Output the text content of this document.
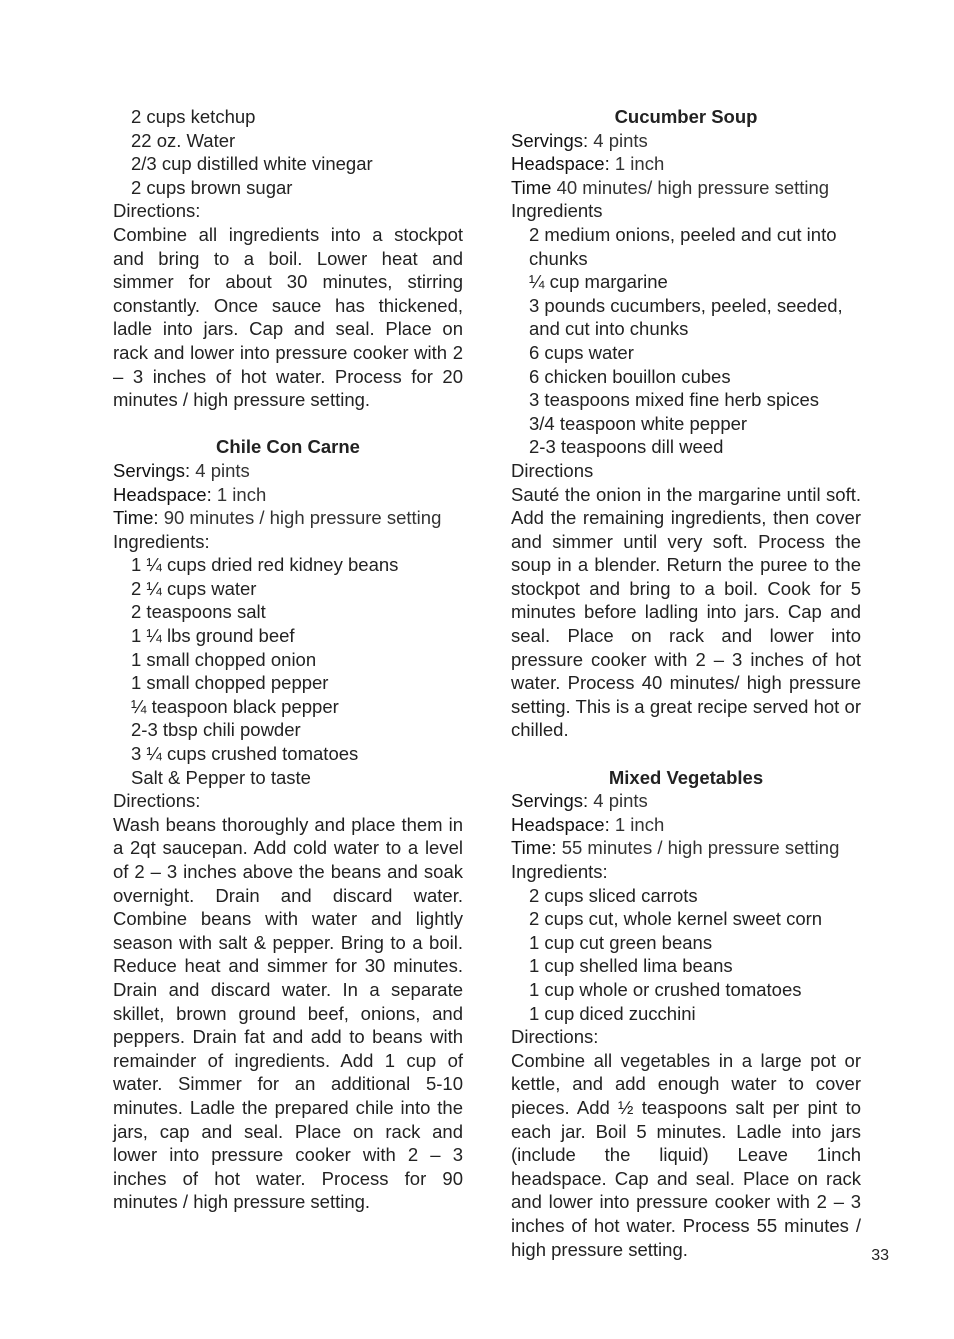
2 cups ketchup
22 oz. Water
2/3 cup distilled white vinegar
2 cups brown sugar
Directions:
Combine all ingredients into a stockpot and bring to a boil. Lower heat and simmer for about 30 minutes, stirring constantly. Once sauce has thickened, ladle into jars. Cap and seal. Place on rack and lower into pressure cooker with 2 – 3 inches of hot water. Process for 20 minutes / high pressure setting.
Chile Con Carne
Servings: 4 pints
Headspace: 1 inch
Time: 90 minutes / high pressure setting
Ingredients:
1 ¼ cups dried red kidney beans
2 ¼ cups water
2 teaspoons salt
1 ¼ lbs ground beef
1 small chopped onion
1 small chopped pepper
¼ teaspoon black pepper
2-3 tbsp chili powder
3 ¼ cups crushed tomatoes
Salt & Pepper to taste
Directions:
Wash beans thoroughly and place them in a 2qt saucepan. Add cold water to a level of 2 – 3 inches above the beans and soak overnight. Drain and discard water. Combine beans with water and lightly season with salt & pepper. Bring to a boil. Reduce heat and simmer for 30 minutes. Drain and discard water. In a separate skillet, brown ground beef, onions, and peppers. Drain fat and add to beans with remainder of ingredients. Add 1 cup of water. Simmer for an additional 5-10 minutes. Ladle the prepared chile into the jars, cap and seal. Place on rack and lower into pressure cooker with 2 – 3 inches of hot water. Process for 90 minutes / high pressure setting.
Cucumber Soup
Servings: 4 pints
Headspace: 1 inch
Time 40 minutes/ high pressure setting
Ingredients
2 medium onions, peeled and cut into chunks
¼ cup margarine
3 pounds cucumbers, peeled, seeded, and cut into chunks
6 cups water
6 chicken bouillon cubes
3 teaspoons mixed fine herb spices
3/4 teaspoon white pepper
2-3 teaspoons dill weed
Directions
Sauté the onion in the margarine until soft. Add the remaining ingredients, then cover and simmer until very soft. Process the soup in a blender. Return the puree to the stockpot and bring to a boil. Cook for 5 minutes before ladling into jars. Cap and seal. Place on rack and lower into pressure cooker with 2 – 3 inches of hot water. Process 40 minutes/ high pressure setting. This is a great recipe served hot or chilled.
Mixed Vegetables
Servings: 4 pints
Headspace: 1 inch
Time: 55 minutes / high pressure setting
Ingredients:
2 cups sliced carrots
2 cups cut, whole kernel sweet corn
1 cup cut green beans
1 cup shelled lima beans
1 cup whole or crushed tomatoes
1 cup diced zucchini
Directions:
Combine all vegetables in a large pot or kettle, and add enough water to cover pieces. Add ½ teaspoons salt per pint to each jar. Boil 5 minutes. Ladle into jars (include the liquid) Leave 1inch headspace. Cap and seal. Place on rack and lower into pressure cooker with 2 – 3 inches of hot water. Process 55 minutes / high pressure setting.	33
